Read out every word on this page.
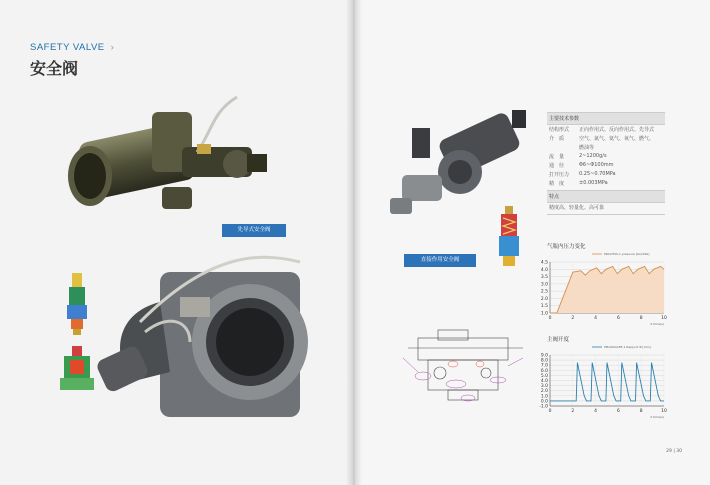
SAFETY VALVE ›
安全阀
先导式安全阀
直接作用安全阀
主要技术参数
结构形式	正向作用式、反向作用式、先导式
介　质	空气、氮气、氦气、氧气、燃气、
燃油等
流　量	2~1200g/s
通　径	Φ6~Φ100mm
打开压力	0.25~0.70MPa
精　度	±0.003MPa
特点
精度高、轻量化、高可靠
气瓶内压力变化
1.0
1.5
2.0
2.5
3.0
3.5
4.0
4.5
0	2	4	6	8	10
PRACHSS-1 pressure [bar/kPa]
X time(s)
主阀开度
-1.0
0.0
1.0
2.0
3.0
4.0
5.0
6.0
7.0
8.0
9.0
0	2	4	6	8	10
PMANUALEE-1 Rapport Φ [mm]
X time(s)
29 | 30
